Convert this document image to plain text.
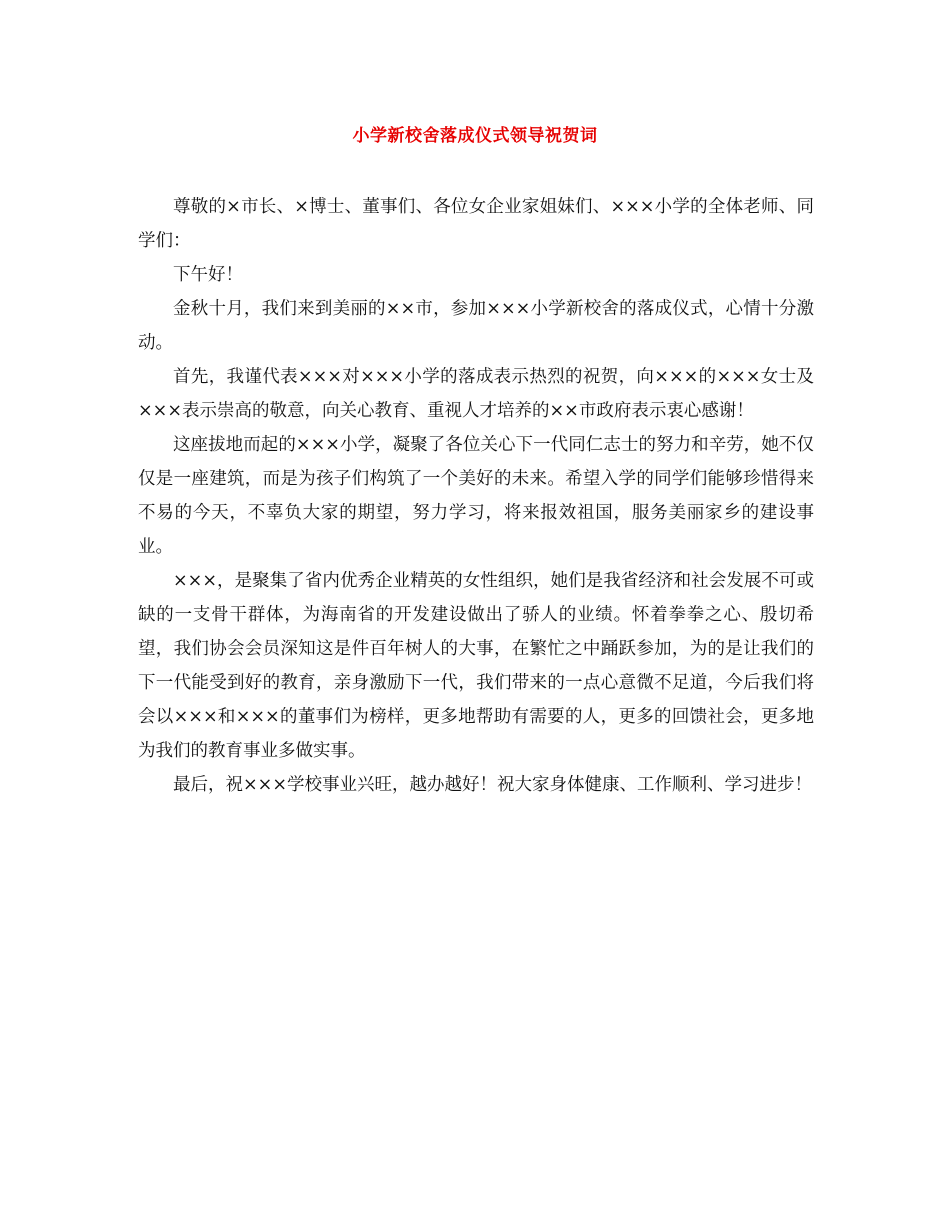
小学新校舍落成仪式领导祝贺词

尊敬的×市长、×博士、董事们、各位女企业家姐妹们、×××小学的全体老师、同学们：

下午好！

金秋十月，我们来到美丽的××市，参加×××小学新校舍的落成仪式，心情十分激动。

首先，我谨代表×××对×××小学的落成表示热烈的祝贺，向×××的×××女士及×××表示崇高的敬意，向关心教育、重视人才培养的××市政府表示衷心感谢！

这座拔地而起的×××小学，凝聚了各位关心下一代同仁志士的努力和辛劳，她不仅仅是一座建筑，而是为孩子们构筑了一个美好的未来。希望入学的同学们能够珍惜得来不易的今天，不辜负大家的期望，努力学习，将来报效祖国，服务美丽家乡的建设事业。

×××，是聚集了省内优秀企业精英的女性组织，她们是我省经济和社会发展不可或缺的一支骨干群体，为海南省的开发建设做出了骄人的业绩。怀着拳拳之心、殷切希望，我们协会会员深知这是件百年树人的大事，在繁忙之中踊跃参加，为的是让我们的下一代能受到好的教育，亲身激励下一代，我们带来的一点心意微不足道，今后我们将会以×××和×××的董事们为榜样，更多地帮助有需要的人，更多的回馈社会，更多地为我们的教育事业多做实事。

最后，祝×××学校事业兴旺，越办越好！祝大家身体健康、工作顺利、学习进步！
